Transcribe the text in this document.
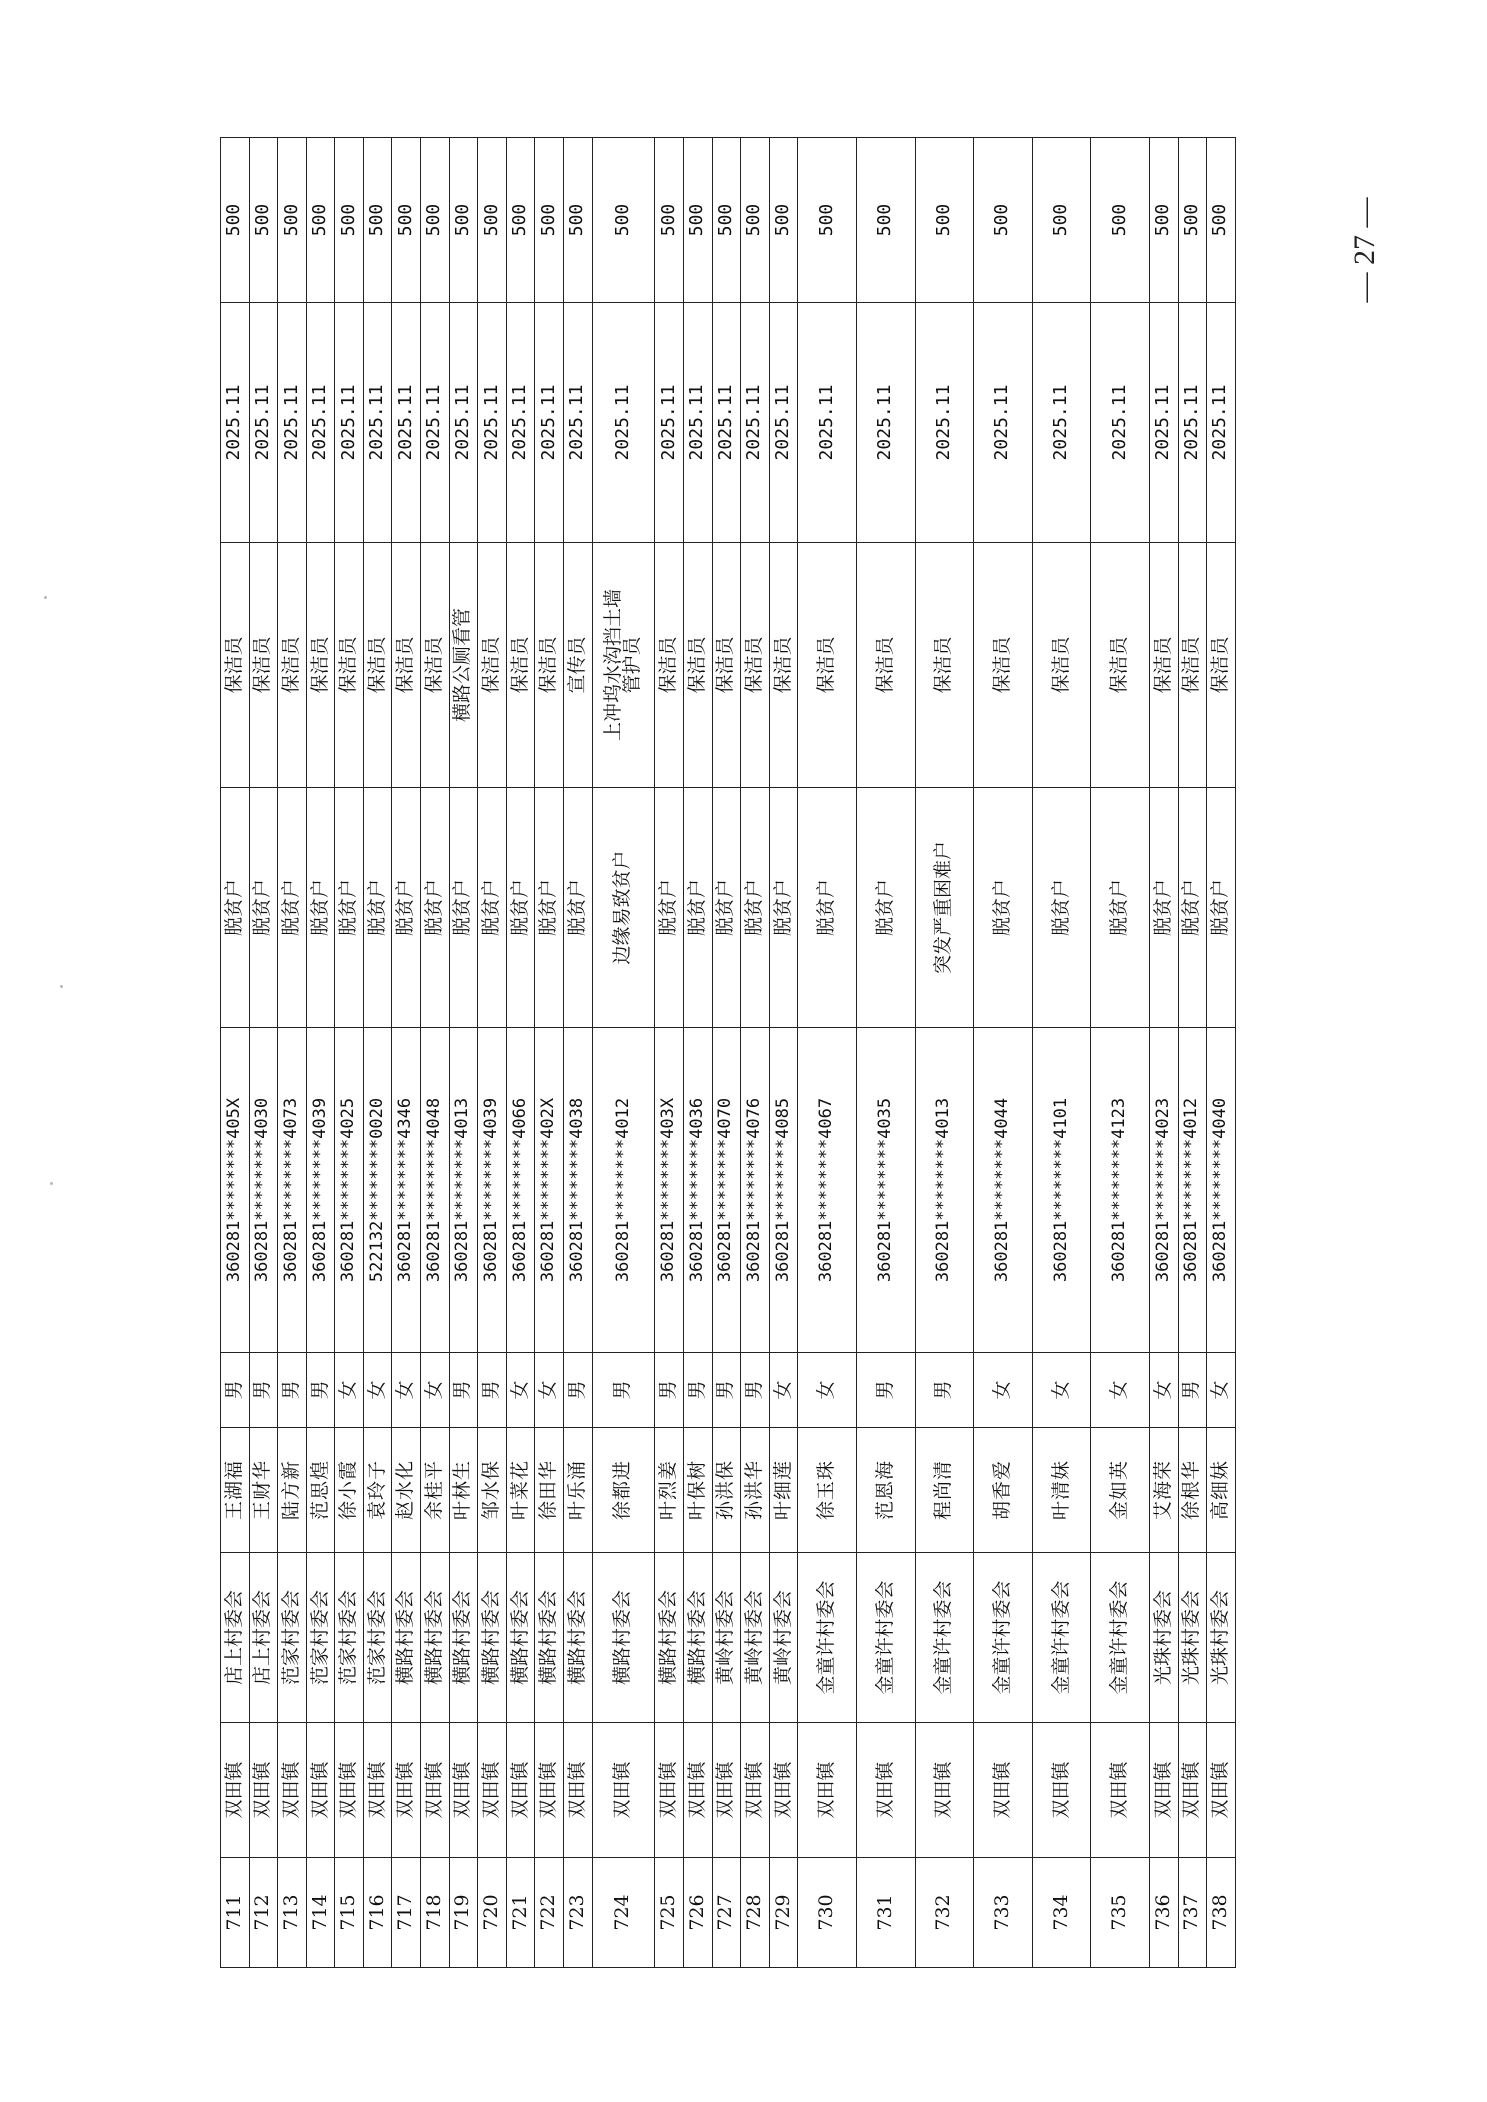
711	双田镇	店上村委会	王湖福	男	360281********405X	脱贫户	保洁员	2025.11	500
712	双田镇	店上村委会	王财华	男	360281********4030	脱贫户	保洁员	2025.11	500
713	双田镇	范家村委会	陆方新	男	360281********4073	脱贫户	保洁员	2025.11	500
714	双田镇	范家村委会	范思煌	男	360281********4039	脱贫户	保洁员	2025.11	500
715	双田镇	范家村委会	徐小霞	女	360281********4025	脱贫户	保洁员	2025.11	500
716	双田镇	范家村委会	袁玲子	女	522132********0020	脱贫户	保洁员	2025.11	500
717	双田镇	横路村委会	赵水化	女	360281********4346	脱贫户	保洁员	2025.11	500
718	双田镇	横路村委会	余桂平	女	360281********4048	脱贫户	保洁员	2025.11	500
719	双田镇	横路村委会	叶林生	男	360281********4013	脱贫户	横路公厕看管	2025.11	500
720	双田镇	横路村委会	邹水保	男	360281********4039	脱贫户	保洁员	2025.11	500
721	双田镇	横路村委会	叶菜花	女	360281********4066	脱贫户	保洁员	2025.11	500
722	双田镇	横路村委会	徐田华	女	360281********402X	脱贫户	保洁员	2025.11	500
723	双田镇	横路村委会	叶乐涌	男	360281********4038	脱贫户	宣传员	2025.11	500
724	双田镇	横路村委会	徐都进	男	360281********4012	边缘易致贫户	上冲坞水沟挡土墙
管护员	2025.11	500
725	双田镇	横路村委会	叶烈姜	男	360281********403X	脱贫户	保洁员	2025.11	500
726	双田镇	横路村委会	叶保树	男	360281********4036	脱贫户	保洁员	2025.11	500
727	双田镇	黄岭村委会	孙洪保	男	360281********4070	脱贫户	保洁员	2025.11	500
728	双田镇	黄岭村委会	孙洪华	男	360281********4076	脱贫户	保洁员	2025.11	500
729	双田镇	黄岭村委会	叶细莲	女	360281********4085	脱贫户	保洁员	2025.11	500
730	双田镇	金童许村委会	徐玉珠	女	360281********4067	脱贫户	保洁员	2025.11	500
731	双田镇	金童许村委会	范恩海	男	360281********4035	脱贫户	保洁员	2025.11	500
732	双田镇	金童许村委会	程尚清	男	360281********4013	突发严重困难户	保洁员	2025.11	500
733	双田镇	金童许村委会	胡香爱	女	360281********4044	脱贫户	保洁员	2025.11	500
734	双田镇	金童许村委会	叶清妹	女	360281********4101	脱贫户	保洁员	2025.11	500
735	双田镇	金童许村委会	金如英	女	360281********4123	脱贫户	保洁员	2025.11	500
736	双田镇	光珠村委会	艾海荣	女	360281********4023	脱贫户	保洁员	2025.11	500
737	双田镇	光珠村委会	徐根华	男	360281********4012	脱贫户	保洁员	2025.11	500
738	双田镇	光珠村委会	高细妹	女	360281********4040	脱贫户	保洁员	2025.11	500	— 27 —
